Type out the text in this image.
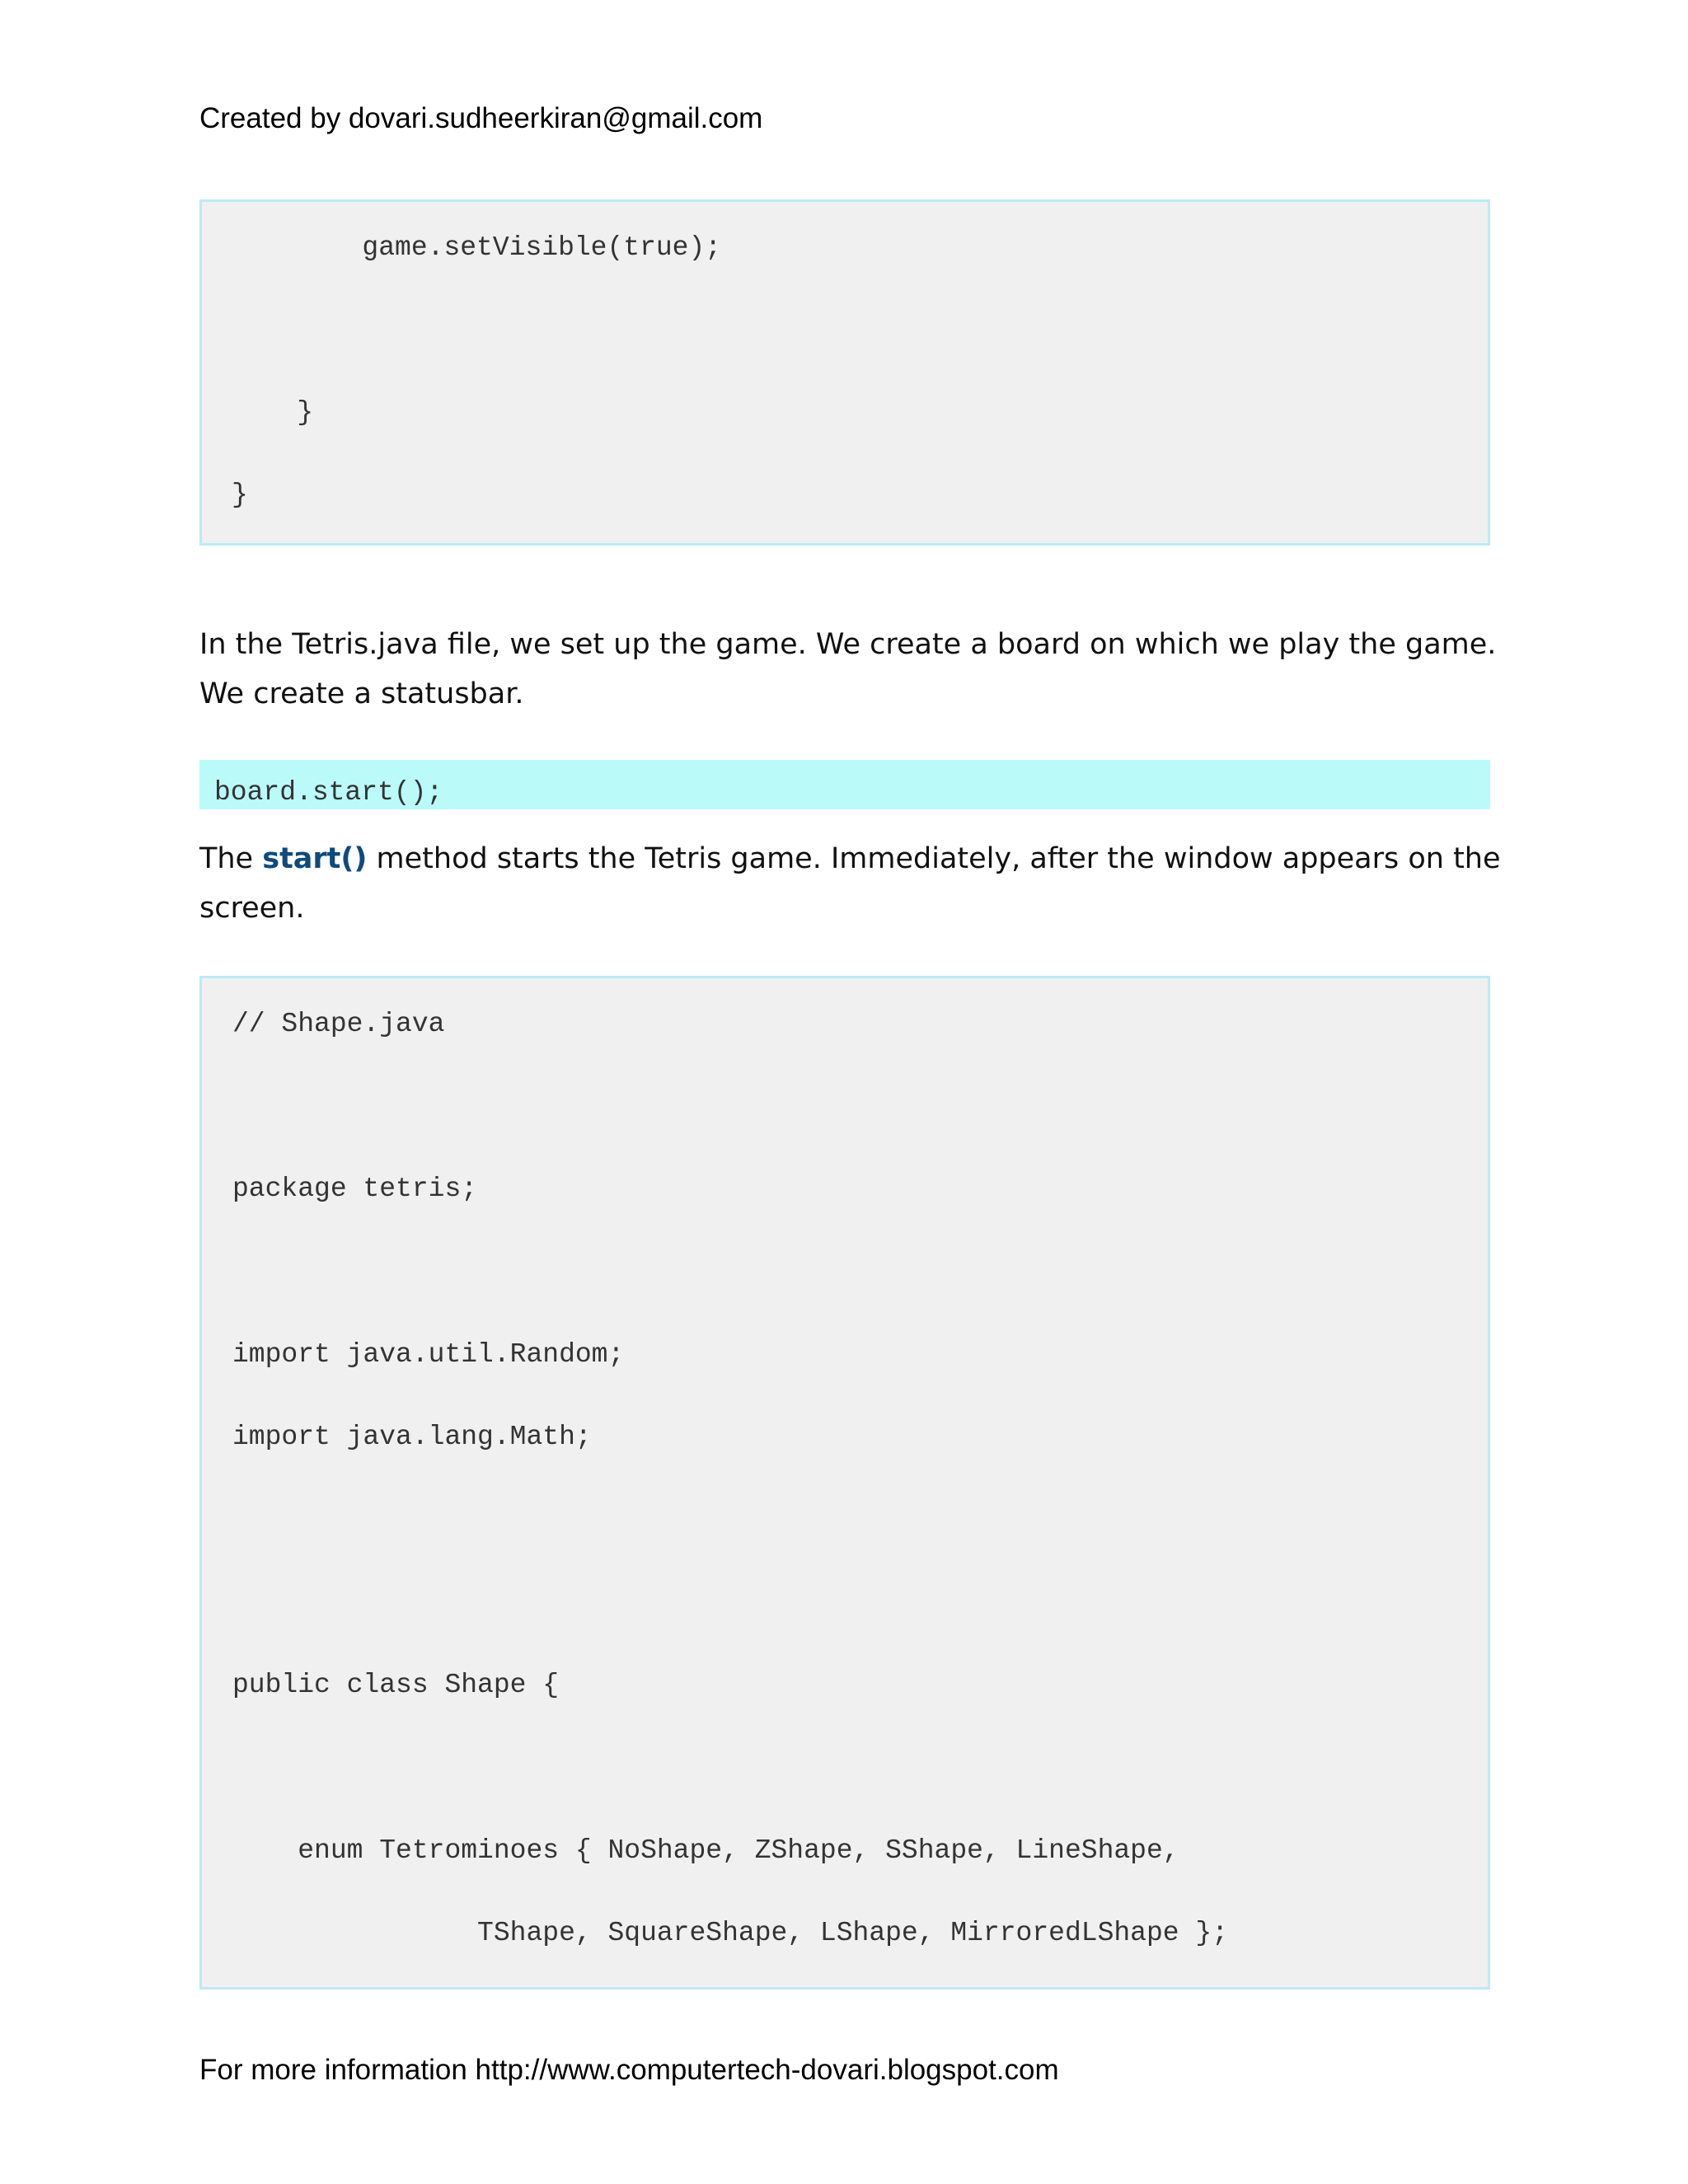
Created by dovari.sudheerkiran@gmail.com
game.setVisible(true);
}
}
In the Tetris.java file, we set up the game. We create a board on which we play the game.
We create a statusbar.
board.start();
The start() method starts the Tetris game. Immediately, after the window appears on the
screen.
// Shape.java
package tetris;
import java.util.Random;
import java.lang.Math;
public class Shape {
enum Tetrominoes { NoShape, ZShape, SShape, LineShape,
TShape, SquareShape, LShape, MirroredLShape };
For more information http://www.computertech-dovari.blogspot.com
